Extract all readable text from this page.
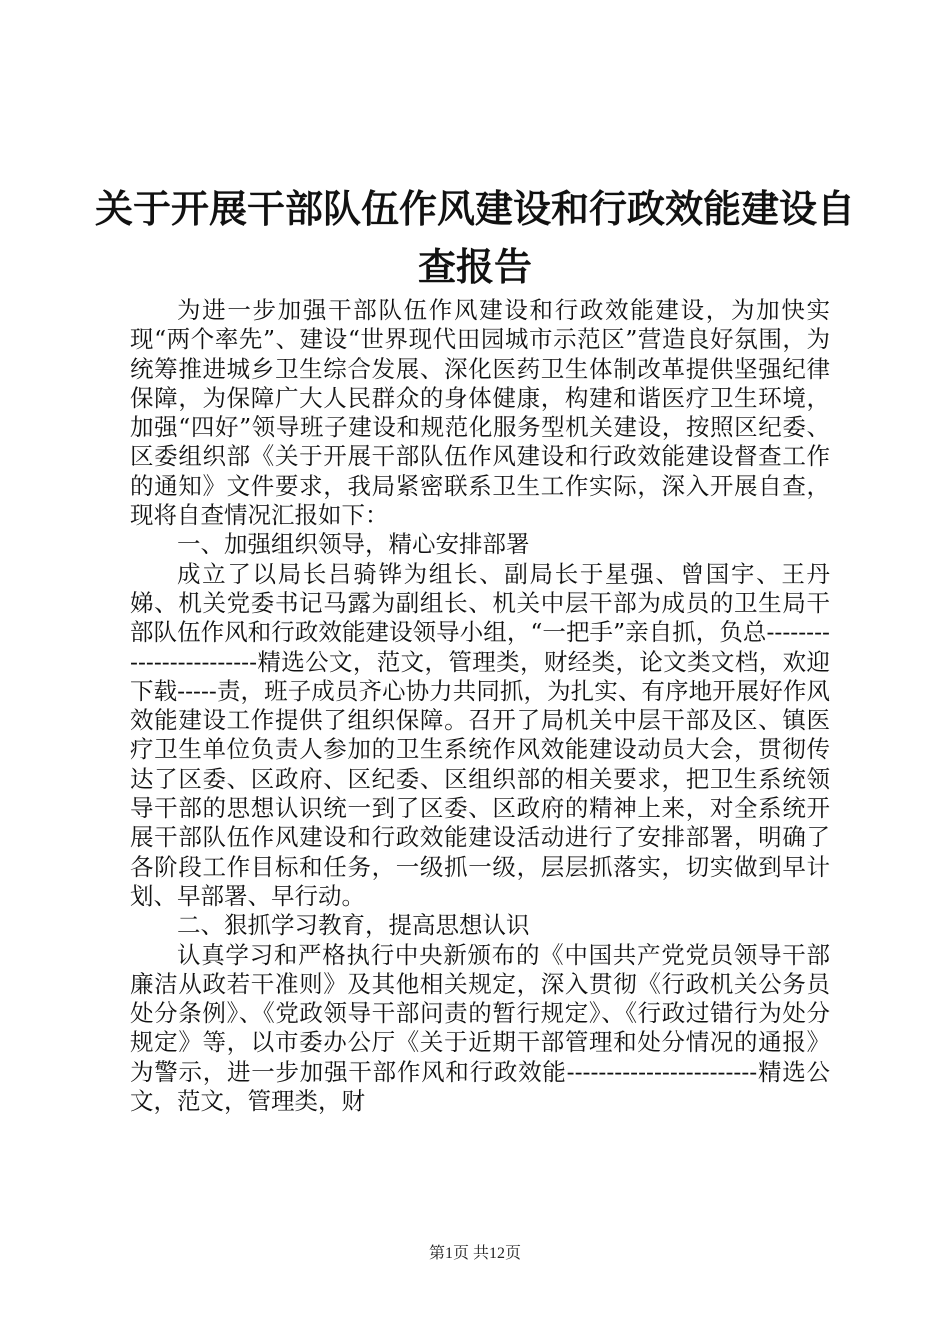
关于开展干部队伍作风建设和行政效能建设自
查报告

为进一步加强干部队伍作风建设和行政效能建设，为加快实现“两个率先”、建设“世界现代田园城市示范区”营造良好氛围，为统筹推进城乡卫生综合发展、深化医药卫生体制改革提供坚强纪律保障，为保障广大人民群众的身体健康，构建和谐医疗卫生环境，加强“四好”领导班子建设和规范化服务型机关建设，按照区纪委、区委组织部《关于开展干部队伍作风建设和行政效能建设督查工作的通知》文件要求，我局紧密联系卫生工作实际，深入开展自查，现将自查情况汇报如下：

一、加强组织领导，精心安排部署

成立了以局长吕骑铧为组长、副局长于星强、曾国宇、王丹娣、机关党委书记马露为副组长、机关中层干部为成员的卫生局干部队伍作风和行政效能建设领导小组，“一把手”亲自抓，负总------------------------精选公文，范文，管理类，财经类，论文类文档，欢迎下载-----责，班子成员齐心协力共同抓，为扎实、有序地开展好作风效能建设工作提供了组织保障。召开了局机关中层干部及区、镇医疗卫生单位负责人参加的卫生系统作风效能建设动员大会，贯彻传达了区委、区政府、区纪委、区组织部的相关要求，把卫生系统领导干部的思想认识统一到了区委、区政府的精神上来，对全系统开展干部队伍作风建设和行政效能建设活动进行了安排部署，明确了各阶段工作目标和任务，一级抓一级，层层抓落实，切实做到早计划、早部署、早行动。

二、狠抓学习教育，提高思想认识

认真学习和严格执行中央新颁布的《中国共产党党员领导干部廉洁从政若干准则》及其他相关规定，深入贯彻《行政机关公务员处分条例》、《党政领导干部问责的暂行规定》、《行政过错行为处分规定》等，以市委办公厅《关于近期干部管理和处分情况的通报》为警示，进一步加强干部作风和行政效能------------------------精选公文，范文，管理类，财

第1页 共12页
